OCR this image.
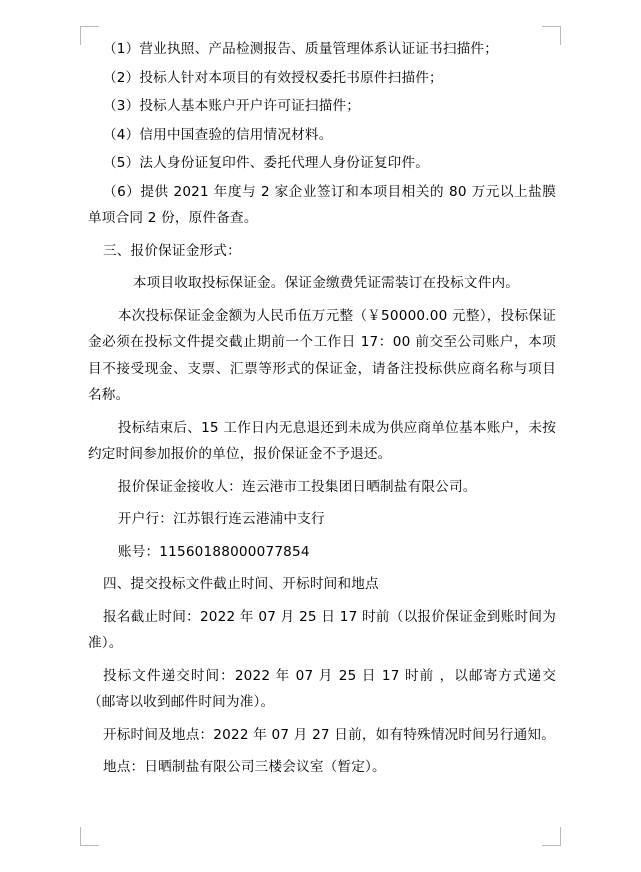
（1）营业执照、产品检测报告、质量管理体系认证证书扫描件；

（2）投标人针对本项目的有效授权委托书原件扫描件；

（3）投标人基本账户开户许可证扫描件；

（4）信用中国查验的信用情况材料。

（5）法人身份证复印件、委托代理人身份证复印件。

（6）提供 2021 年度与 2 家企业签订和本项目相关的 80 万元以上盐膜单项合同 2 份，原件备查。

三、报价保证金形式：

本项目收取投标保证金。保证金缴费凭证需装订在投标文件内。

本次投标保证金金额为人民币伍万元整（￥50000.00 元整），投标保证金必须在投标文件提交截止期前一个工作日 17：00 前交至公司账户，本项目不接受现金、支票、汇票等形式的保证金，请备注投标供应商名称与项目名称。

投标结束后、15 工作日内无息退还到未成为供应商单位基本账户，未按约定时间参加报价的单位，报价保证金不予退还。

报价保证金接收人：连云港市工投集团日晒制盐有限公司。

开户行：江苏银行连云港浦中支行

账号：11560188000077854

四、提交投标文件截止时间、开标时间和地点

报名截止时间：2022 年 07 月 25 日 17 时前（以报价保证金到账时间为准）。

投标文件递交时间：2022 年 07 月 25 日 17 时前 ，以邮寄方式递交（邮寄以收到邮件时间为准）。

开标时间及地点：2022 年 07 月 27 日前，如有特殊情况时间另行通知。

地点：日晒制盐有限公司三楼会议室（暂定）。
